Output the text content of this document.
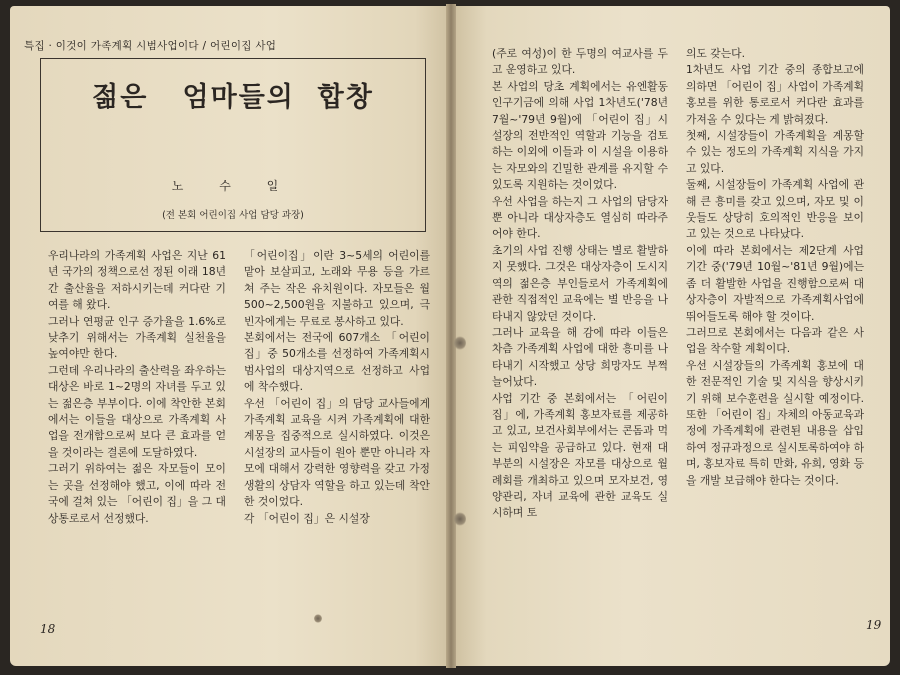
특집 · 이것이 가족계획 시범사업이다 / 어린이집 사업
젊은   엄마들의  합창
노 수 일
(전 본회 어린이집 사업 담당 과장)

우리나라의 가족계획 사업은 지난 61년 국가의 정책으로선 정된 이래 18년간 출산율을 저하시키는데 커다란 기여를 해 왔다.

그러나 연평균 인구 증가율을 1.6%로 낮추기 위해서는 가족계획 실천율을 높여야만 한다.

그런데 우리나라의 출산력을 좌우하는 대상은 바로 1~2명의 자녀를 두고 있는 젊은층 부부이다. 이에 착안한 본회에서는 이들을 대상으로 가족계획 사업을 전개함으로써 보다 큰 효과를 얻을 것이라는 결론에 도달하였다.

그러기 위하여는 젊은 자모들이 모이는 곳을 선정해야 했고, 이에 따라 전국에 걸쳐 있는 「어린이 집」을 그 대상통로로서 선정했다.

「어린이집」이란 3~5세의 어린이를 맡아 보살피고, 노래와 무용 등을 가르쳐 주는 작은 유치원이다. 자모들은 월 500~2,500원을 지불하고 있으며, 극빈자에게는 무료로 봉사하고 있다.

본회에서는 전국에 607개소 「어린이 집」중 50개소를 선정하여 가족계획시범사업의 대상지역으로 선정하고 사업에 착수했다.

우선 「어린이 집」의 담당 교사들에게 가족계획 교육을 시켜 가족계획에 대한 계몽을 집중적으로 실시하였다. 이것은 시설장의 교사들이 원아 뿐만 아니라 자모에 대해서 강력한 영향력을 갖고 가정생활의 상담자 역할을 하고 있는데 착안한 것이었다.

각 「어린이 집」은 시설장

(주로 여성)이 한 두명의 여교사를 두고 운영하고 있다.

본 사업의 당초 계획에서는 유엔활동인구기금에 의해 사업 1차년도('78년 7월~'79년 9월)에 「어린이 집」시설장의 전반적인 역할과 기능을 검토하는 이외에 이들과 이 시설을 이용하는 자모와의 긴밀한 관계를 유지할 수 있도록 지원하는 것이었다.

우선 사업을 하는지 그 사업의 담당자 뿐 아니라 대상자층도 열심히 따라주어야 한다.

초기의 사업 진행 상태는 별로 활발하지 못했다. 그것은 대상자층이 도시지역의 젊은층 부인들로서 가족계획에 관한 직접적인 교육에는 별 반응을 나타내지 않았던 것이다.

그러나 교육을 해 감에 따라 이들은 차츰 가족계획 사업에 대한 흥미를 나타내기 시작했고 상당 희망자도 부쩍 늘어났다.

사업 기간 중 본회에서는 「어린이 집」에, 가족계획 홍보자료를 제공하고 있고, 보건사회부에서는 콘돔과 먹는 피임약을 공급하고 있다. 현재 대부분의 시설장은 자모를 대상으로 월례회를 개최하고 있으며 모자보건, 영양관리, 자녀 교육에 관한 교육도 실시하며 토

의도 갖는다.

1차년도 사업 기간 중의 종합보고에 의하면 「어린이 집」사업이 가족계획홍보를 위한 통로로서 커다란 효과를 가져올 수 있다는 게 밝혀졌다.

첫째, 시설장들이 가족계획을 계몽할 수 있는 정도의 가족계획 지식을 가지고 있다.

둘째, 시설장들이 가족계획 사업에 관해 큰 흥미를 갖고 있으며, 자모 및 이웃들도 상당히 호의적인 반응을 보이고 있는 것으로 나타났다.

이에 따라 본회에서는 제2단계 사업 기간 중('79년 10월~'81년 9월)에는 좀 더 활발한 사업을 진행함으로써 대상자층이 자발적으로 가족계획사업에 뛰어들도록 해야 할 것이다.

그러므로 본회에서는 다음과 같은 사업을 착수할 계획이다.

우선 시설장들의 가족계획 홍보에 대한 전문적인 기술 및 지식을 향상시키기 위해 보수훈련을 실시할 예정이다. 또한 「어린이 집」자체의 아동교육과정에 가족계획에 관련된 내용을 삽입하여 정규과정으로 실시토록하여야 하며, 홍보자료 특히 만화, 유희, 영화 등을 개발 보급해야 한다는 것이다.

18	19
